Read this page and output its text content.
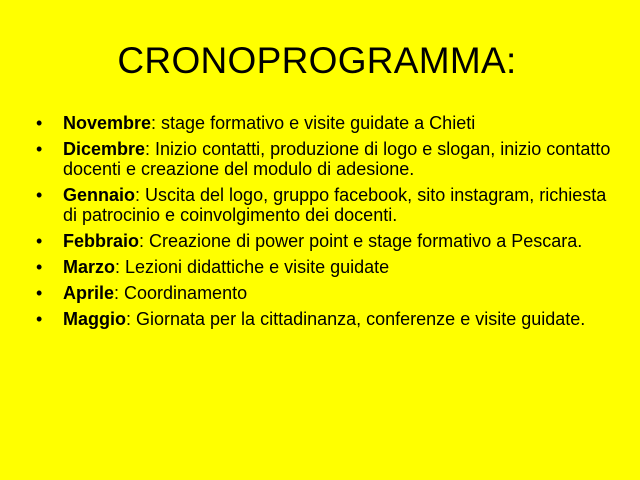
CRONOPROGRAMMA:
• Novembre: stage formativo e visite guidate a Chieti
• Dicembre: Inizio contatti, produzione di logo e slogan, inizio contatto docenti e creazione del modulo di adesione.
• Gennaio: Uscita del logo, gruppo facebook, sito instagram, richiesta di patrocinio e coinvolgimento dei docenti.
• Febbraio: Creazione di power point e stage formativo a Pescara.
• Marzo: Lezioni didattiche e visite guidate
• Aprile: Coordinamento
• Maggio: Giornata per la cittadinanza, conferenze e visite guidate.
